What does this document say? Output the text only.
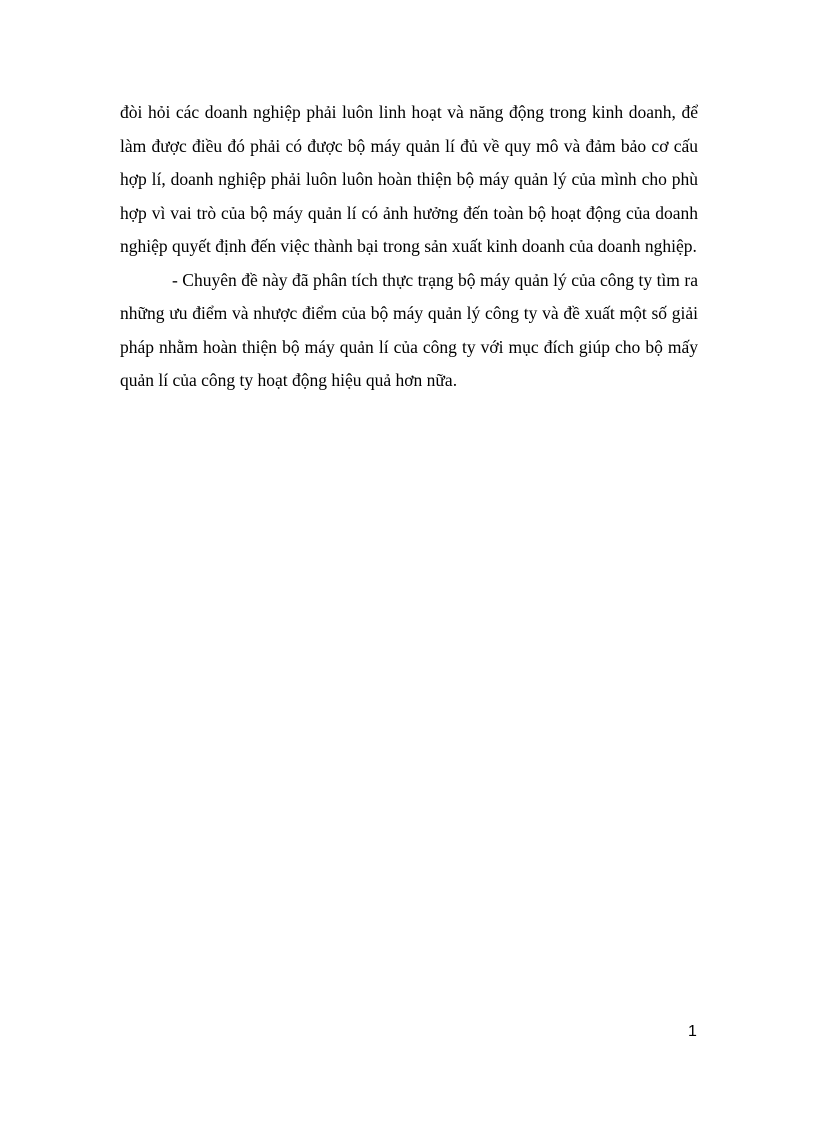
đòi hỏi các doanh nghiệp phải luôn linh hoạt và năng động trong kinh doanh, để làm được điều đó phải có được bộ máy quản lí đủ về quy mô và đảm bảo cơ cấu hợp lí, doanh nghiệp phải luôn luôn hoàn thiện bộ máy quản lý của mình cho phù hợp vì vai trò của bộ máy quản lí có ảnh hưởng đến toàn bộ hoạt động của doanh nghiệp quyết định đến việc thành bại trong sản xuất kinh doanh của doanh nghiệp.

- Chuyên đề này đã phân tích thực trạng bộ máy quản lý của công ty tìm ra những ưu điểm và nhược điểm của bộ máy quản lý công ty và đề xuất một số giải pháp nhằm hoàn thiện bộ máy quản lí của công ty với mục đích giúp cho bộ mấy quản lí của công ty hoạt động hiệu quả hơn nữa.

1
